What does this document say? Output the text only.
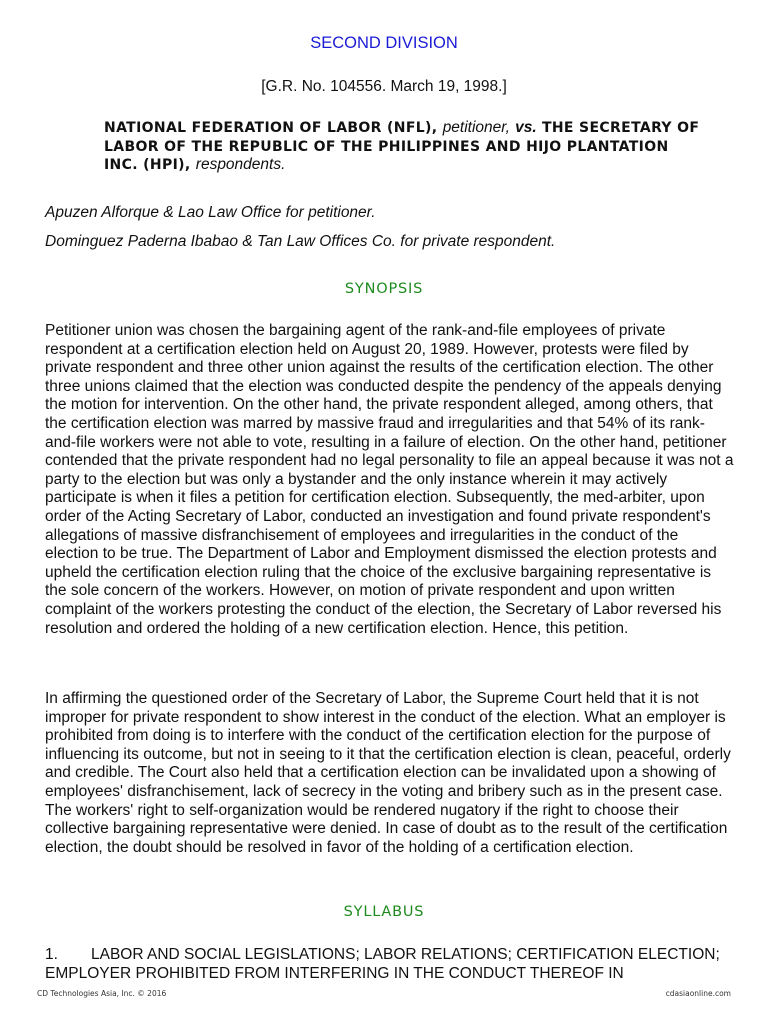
SECOND DIVISION
[G.R. No. 104556. March 19, 1998.]
NATIONAL FEDERATION OF LABOR (NFL), petitioner, vs. THE SECRETARY OF LABOR OF THE REPUBLIC OF THE PHILIPPINES AND HIJO PLANTATION INC. (HPI), respondents.
Apuzen Alforque & Lao Law Office for petitioner.
Dominguez Paderna Ibabao & Tan Law Offices Co. for private respondent.
SYNOPSIS
Petitioner union was chosen the bargaining agent of the rank-and-file employees of private respondent at a certification election held on August 20, 1989. However, protests were filed by private respondent and three other union against the results of the certification election. The other three unions claimed that the election was conducted despite the pendency of the appeals denying the motion for intervention. On the other hand, the private respondent alleged, among others, that the certification election was marred by massive fraud and irregularities and that 54% of its rank-and-file workers were not able to vote, resulting in a failure of election. On the other hand, petitioner contended that the private respondent had no legal personality to file an appeal because it was not a party to the election but was only a bystander and the only instance wherein it may actively participate is when it files a petition for certification election. Subsequently, the med-arbiter, upon order of the Acting Secretary of Labor, conducted an investigation and found private respondent's allegations of massive disfranchisement of employees and irregularities in the conduct of the election to be true. The Department of Labor and Employment dismissed the election protests and upheld the certification election ruling that the choice of the exclusive bargaining representative is the sole concern of the workers. However, on motion of private respondent and upon written complaint of the workers protesting the conduct of the election, the Secretary of Labor reversed his resolution and ordered the holding of a new certification election. Hence, this petition.
In affirming the questioned order of the Secretary of Labor, the Supreme Court held that it is not improper for private respondent to show interest in the conduct of the election. What an employer is prohibited from doing is to interfere with the conduct of the certification election for the purpose of influencing its outcome, but not in seeing to it that the certification election is clean, peaceful, orderly and credible. The Court also held that a certification election can be invalidated upon a showing of employees' disfranchisement, lack of secrecy in the voting and bribery such as in the present case. The workers' right to self-organization would be rendered nugatory if the right to choose their collective bargaining representative were denied. In case of doubt as to the result of the certification election, the doubt should be resolved in favor of the holding of a certification election.
SYLLABUS
1. LABOR AND SOCIAL LEGISLATIONS; LABOR RELATIONS; CERTIFICATION ELECTION; EMPLOYER PROHIBITED FROM INTERFERING IN THE CONDUCT THEREOF IN
CD Technologies Asia, Inc. © 2016	cdasiaonline.com
